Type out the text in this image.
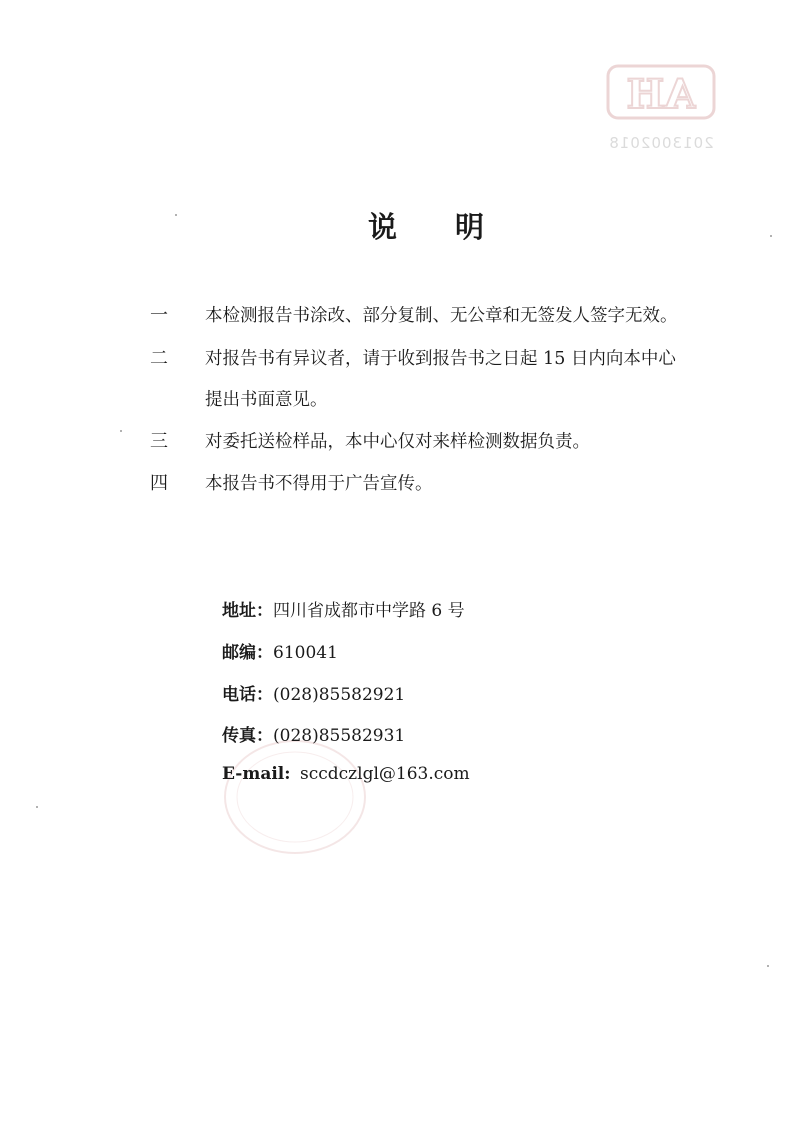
AH
2013002018
说 明
一 本检测报告书涂改、部分复制、无公章和无签发人签字无效。
二 对报告书有异议者，请于收到报告书之日起 15 日内向本中心
提出书面意见。
三 对委托送检样品，本中心仅对来样检测数据负责。
四 本报告书不得用于广告宣传。
地址：四川省成都市中学路 6 号
邮编：610041
电话：(028)85582921
传真：(028)85582931
E-mail: sccdczlgl@163.com
